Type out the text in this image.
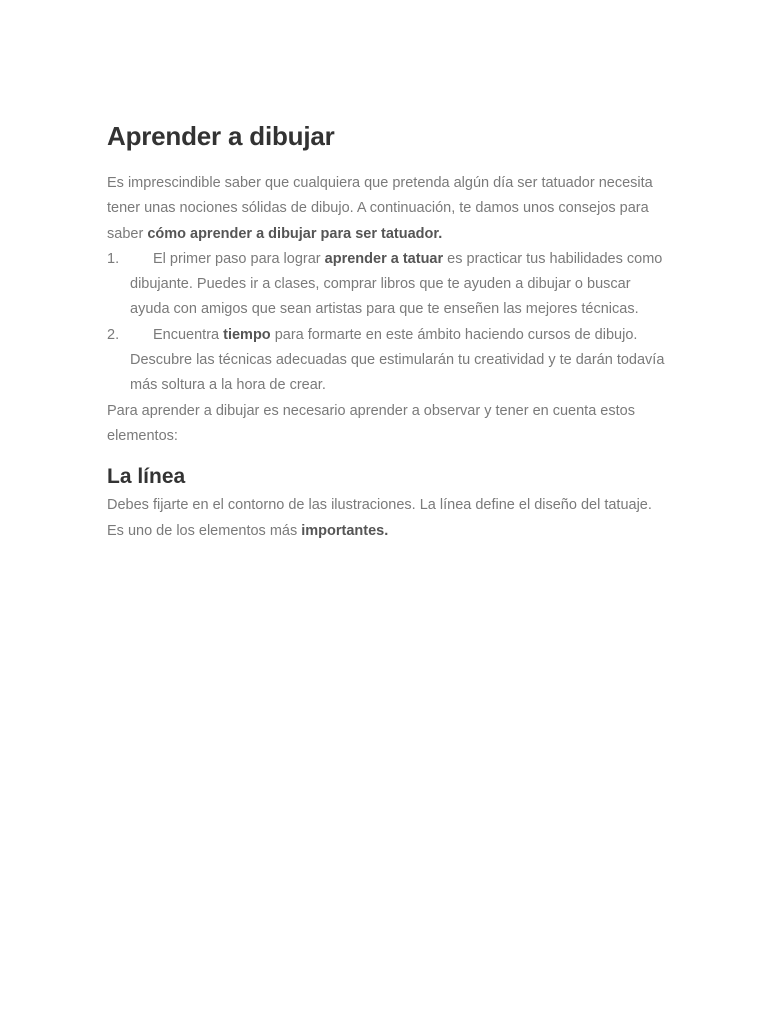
Aprender a dibujar

Es imprescindible saber que cualquiera que pretenda algún día ser tatuador necesita tener unas nociones sólidas de dibujo. A continuación, te damos unos consejos para saber cómo aprender a dibujar para ser tatuador.

1. El primer paso para lograr aprender a tatuar es practicar tus habilidades como dibujante. Puedes ir a clases, comprar libros que te ayuden a dibujar o buscar ayuda con amigos que sean artistas para que te enseñen las mejores técnicas.
2. Encuentra tiempo para formarte en este ámbito haciendo cursos de dibujo. Descubre las técnicas adecuadas que estimularán tu creatividad y te darán todavía más soltura a la hora de crear.

Para aprender a dibujar es necesario aprender a observar y tener en cuenta estos elementos:

La línea

Debes fijarte en el contorno de las ilustraciones. La línea define el diseño del tatuaje. Es uno de los elementos más importantes.
